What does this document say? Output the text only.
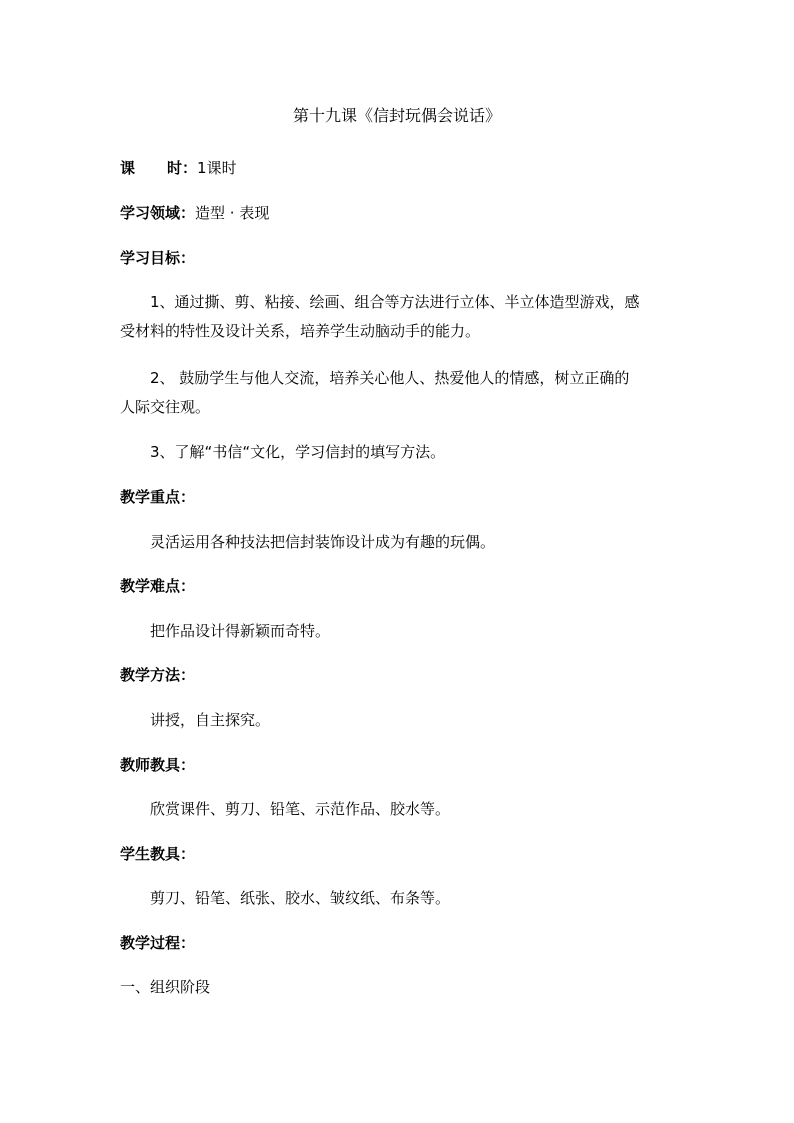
第十九课《信封玩偶会说话》
课 时：1课时
学习领域：造型 · 表现
学习目标：
1、通过撕、剪、粘接、绘画、组合等方法进行立体、半立体造型游戏，感
受材料的特性及设计关系，培养学生动脑动手的能力。
2、 鼓励学生与他人交流，培养关心他人、热爱他人的情感，树立正确的
人际交往观。
3、了解“书信“文化，学习信封的填写方法。
教学重点：
灵活运用各种技法把信封装饰设计成为有趣的玩偶。
教学难点：
把作品设计得新颖而奇特。
教学方法：
讲授，自主探究。
教师教具：
欣赏课件、剪刀、铅笔、示范作品、胶水等。
学生教具：
剪刀、铅笔、纸张、胶水、皱纹纸、布条等。
教学过程：
一、组织阶段
